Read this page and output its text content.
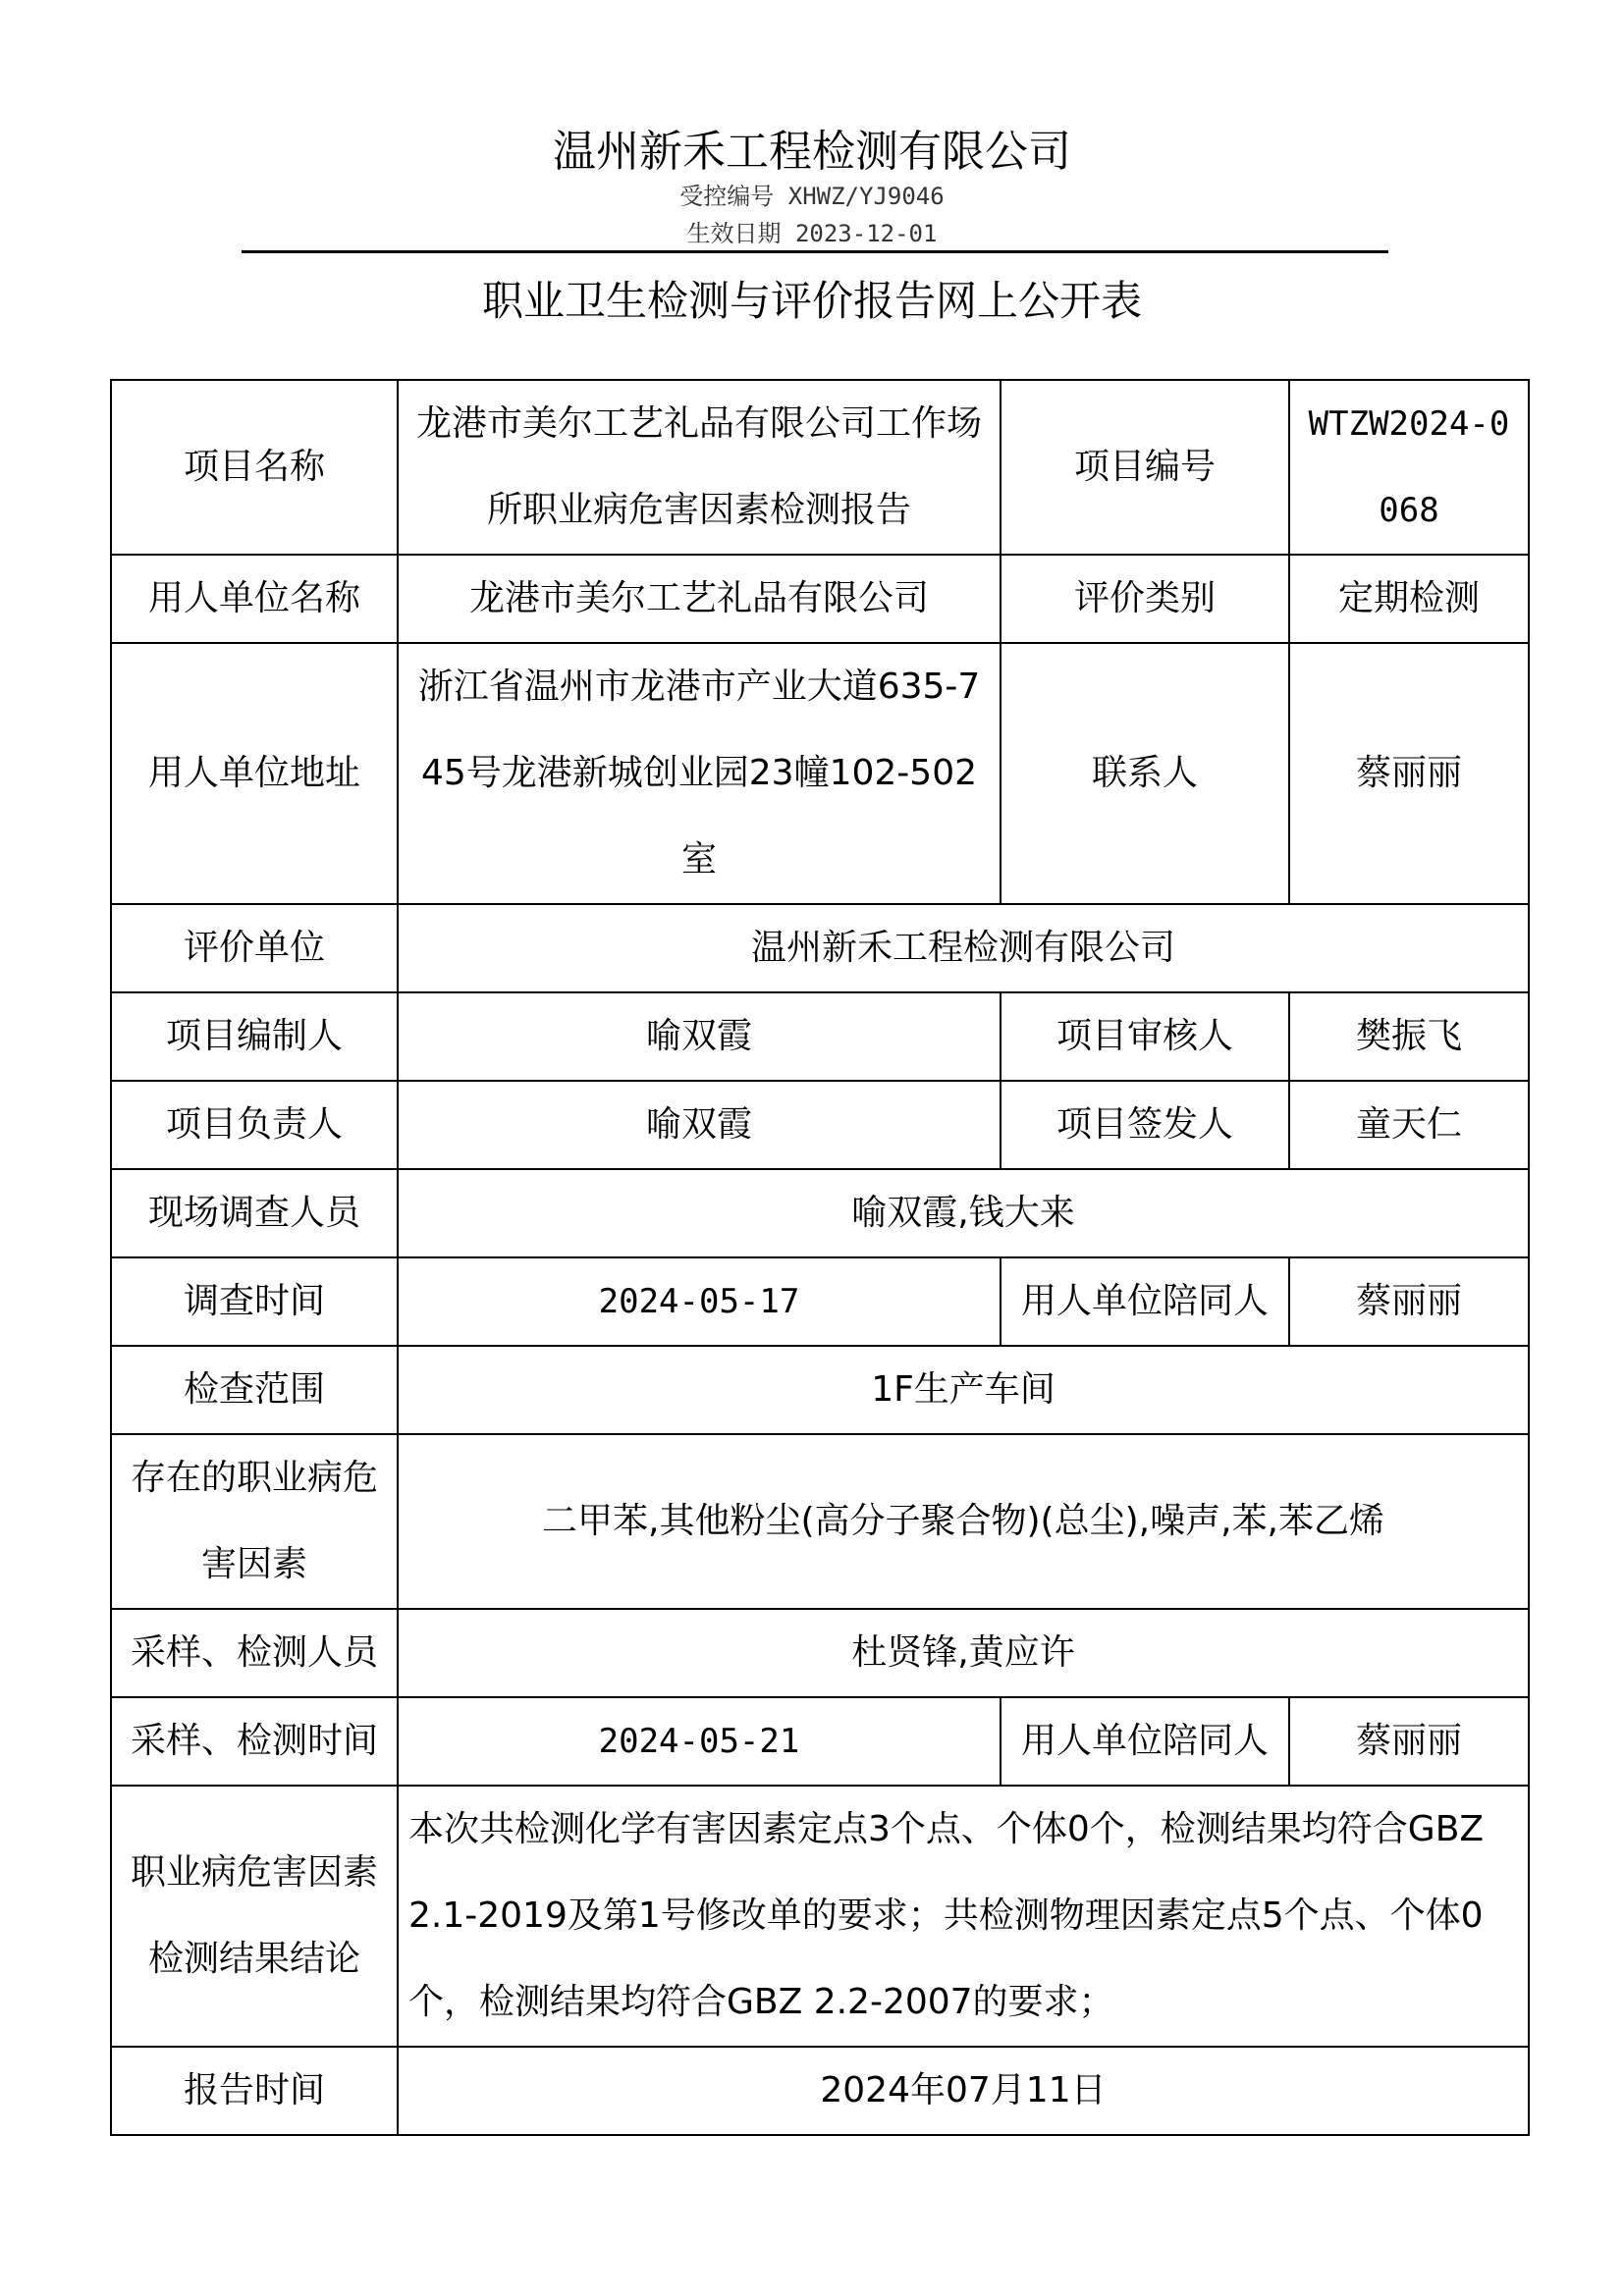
温州新禾工程检测有限公司
受控编号 XHWZ/YJ9046
生效日期 2023-12-01
职业卫生检测与评价报告网上公开表
项目名称	龙港市美尔工艺礼品有限公司工作场所职业病危害因素检测报告	项目编号	WTZW2024-0068
用人单位名称	龙港市美尔工艺礼品有限公司	评价类别	定期检测
用人单位地址	浙江省温州市龙港市产业大道635-745号龙港新城创业园23幢102-502室	联系人	蔡丽丽
评价单位	温州新禾工程检测有限公司		
项目编制人	喻双霞	项目审核人	樊振飞
项目负责人	喻双霞	项目签发人	童天仁
现场调查人员	喻双霞,钱大来		
调查时间	2024-05-17	用人单位陪同人	蔡丽丽
检查范围	1F生产车间		
存在的职业病危害因素	二甲苯,其他粉尘(高分子聚合物)(总尘),噪声,苯,苯乙烯		
采样、检测人员	杜贤锋,黄应许		
采样、检测时间	2024-05-21	用人单位陪同人	蔡丽丽
职业病危害因素检测结果结论	本次共检测化学有害因素定点3个点、个体0个，检测结果均符合GBZ 2.1-2019及第1号修改单的要求；共检测物理因素定点5个点、个体0个，检测结果均符合GBZ 2.2-2007的要求；		
报告时间	2024年07月11日		
